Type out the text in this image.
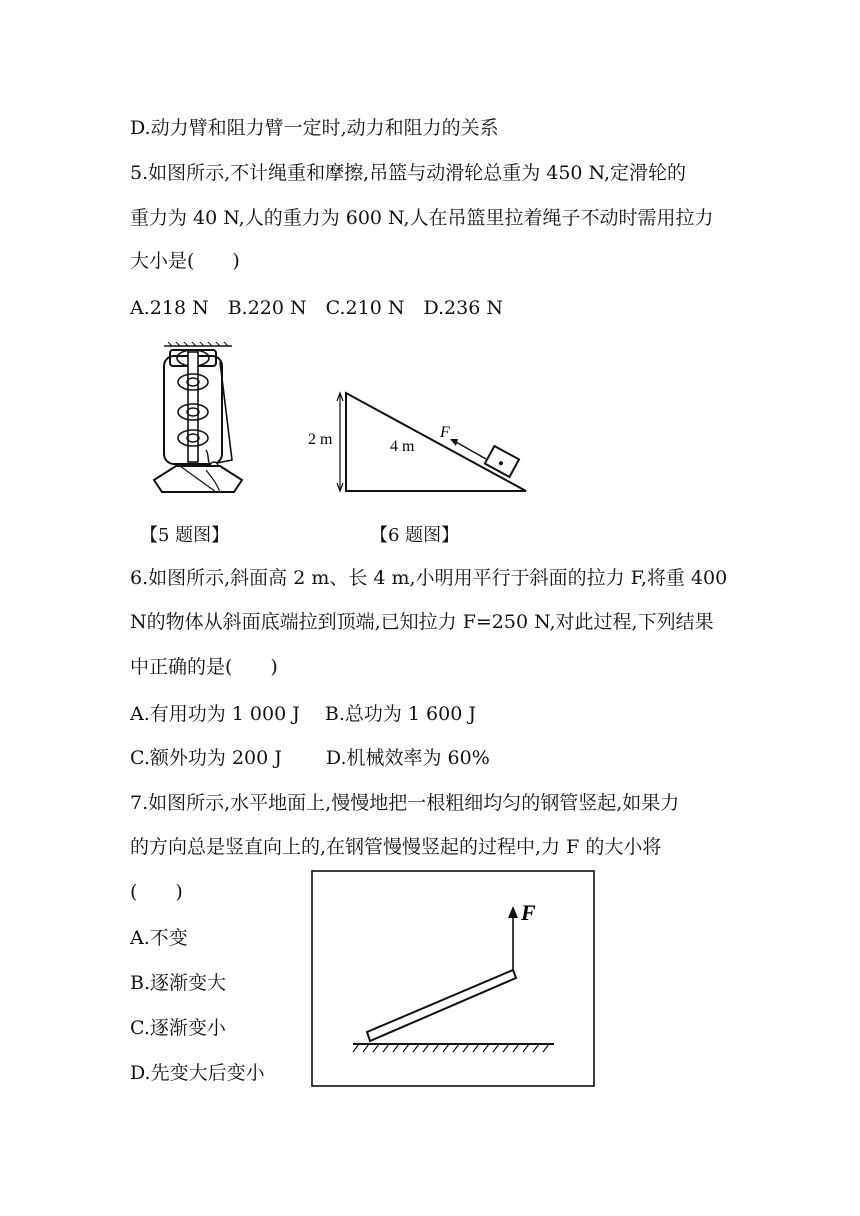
D.动力臂和阻力臂一定时,动力和阻力的关系
5.如图所示,不计绳重和摩擦,吊篮与动滑轮总重为 450 N,定滑轮的
重力为 40 N,人的重力为 600 N,人在吊篮里拉着绳子不动时需用拉力
大小是(　　)
A.218 N　B.220 N　C.210 N　D.236 N
2 m	4 m
F
【5 题图】	【6 题图】
6.如图所示,斜面高 2 m、长 4 m,小明用平行于斜面的拉力 F,将重 400
N的物体从斜面底端拉到顶端,已知拉力 F=250 N,对此过程,下列结果
中正确的是(　　)
A.有用功为 1 000 J　 B.总功为 1 600 J
C.额外功为 200 J　　 D.机械效率为 60%
7.如图所示,水平地面上,慢慢地把一根粗细均匀的钢管竖起,如果力
的方向总是竖直向上的,在钢管慢慢竖起的过程中,力 F 的大小将
(　　)
A.不变
B.逐渐变大
C.逐渐变小
D.先变大后变小
F
